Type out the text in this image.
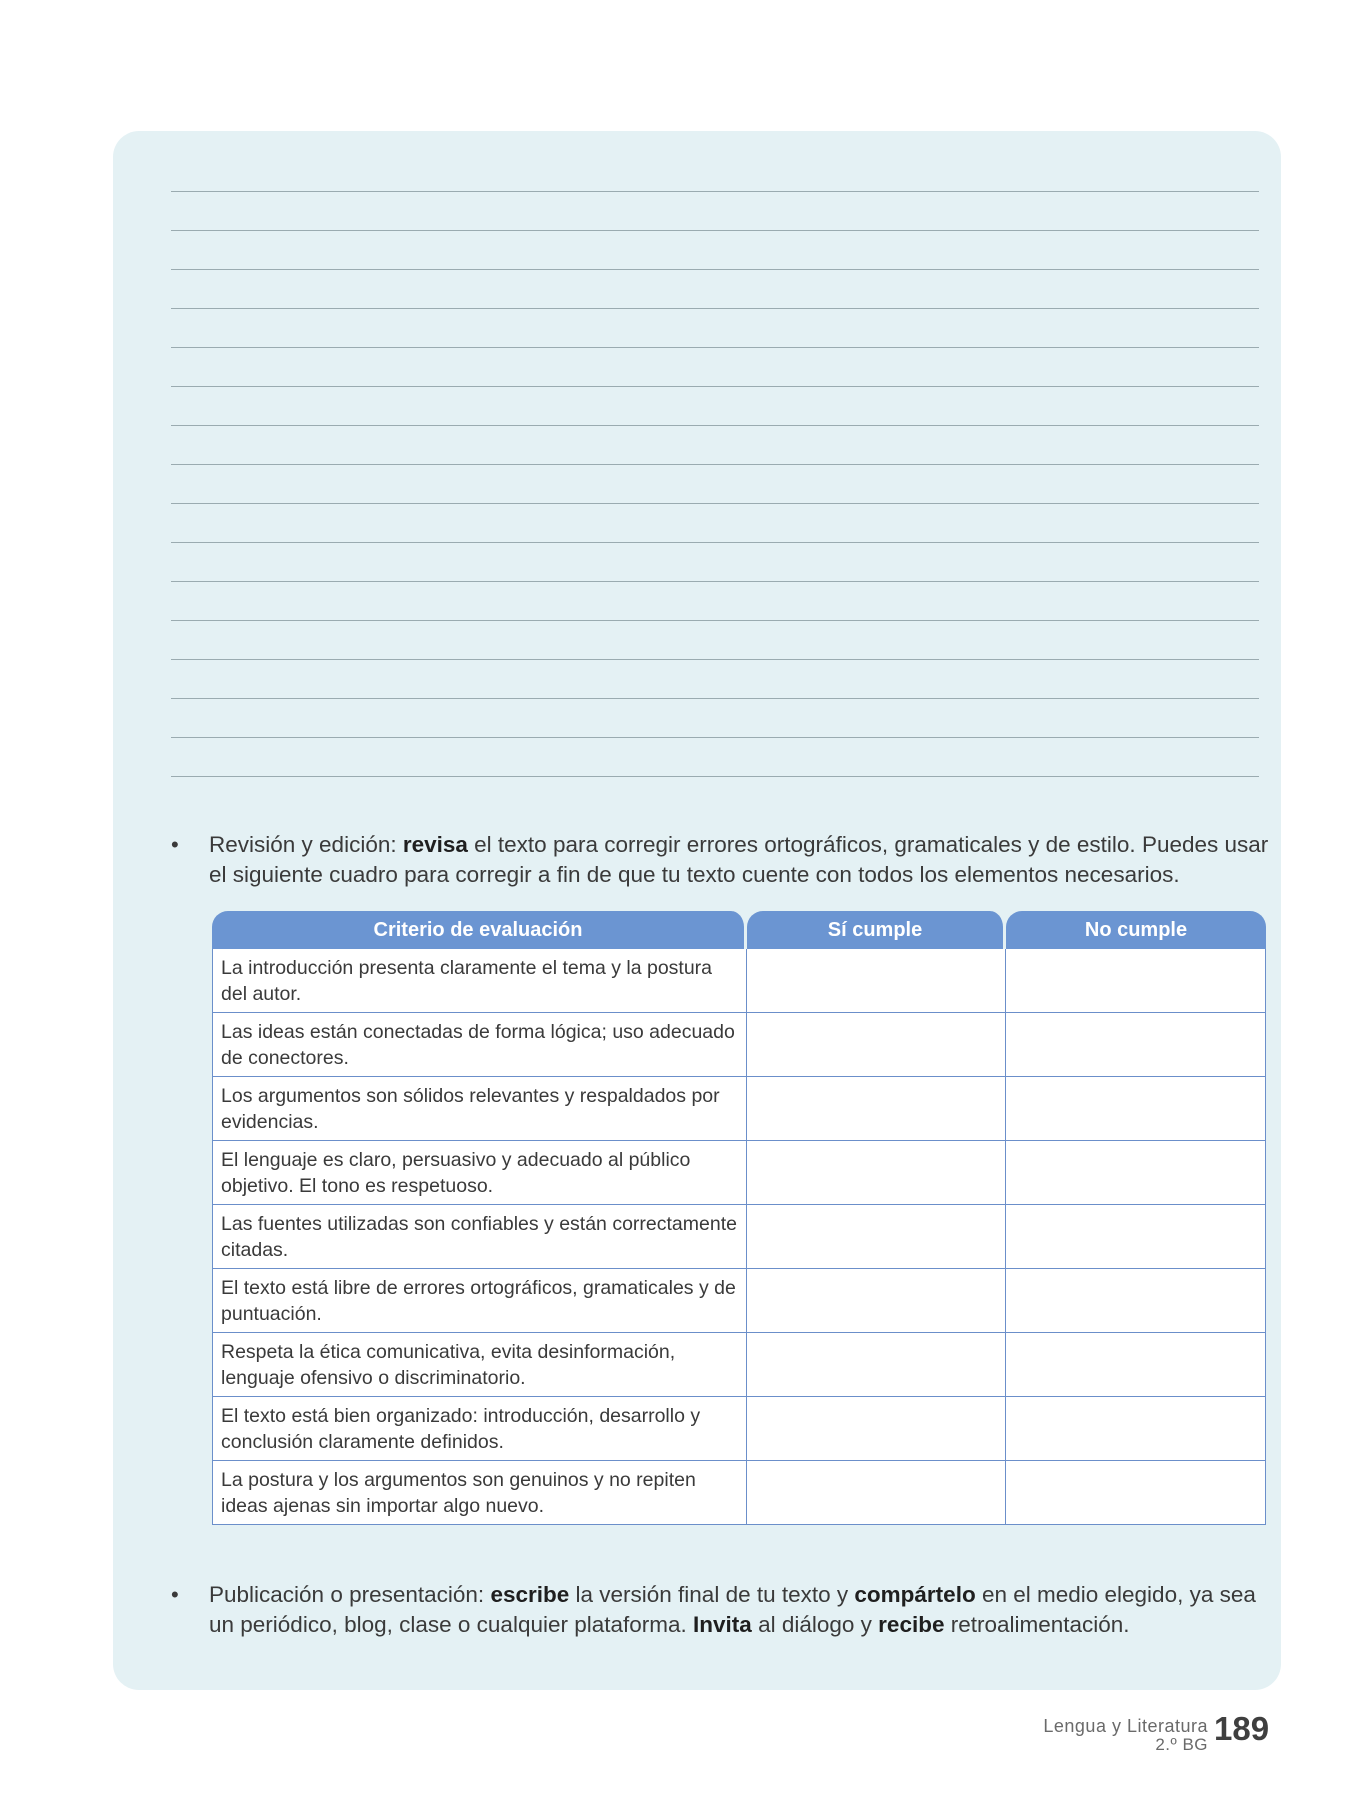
•	Revisión y edición: revisa el texto para corregir errores ortográficos, gramaticales y de estilo. Puedes usar el siguiente cuadro para corregir a fin de que tu texto cuente con todos los elementos necesarios.
Criterio de evaluación	Sí cumple	No cumple
La introducción presenta claramente el tema y la postura del autor.		
Las ideas están conectadas de forma lógica; uso adecuado de conectores.		
Los argumentos son sólidos relevantes y respaldados por evidencias.		
El lenguaje es claro, persuasivo y adecuado al público objetivo. El tono es respetuoso.		
Las fuentes utilizadas son confiables y están correctamente citadas.		
El texto está libre de errores ortográficos, gramaticales y de puntuación.		
Respeta la ética comunicativa, evita desinformación, lenguaje ofensivo o discriminatorio.		
El texto está bien organizado: introducción, desarrollo y conclusión claramente definidos.		
La postura y los argumentos son genuinos y no repiten ideas ajenas sin importar algo nuevo.		
•	Publicación o presentación: escribe la versión final de tu texto y compártelo en el medio elegido, ya sea un periódico, blog, clase o cualquier plataforma. Invita al diálogo y recibe retroalimentación.
Lengua y Literatura
2.º BG 189
